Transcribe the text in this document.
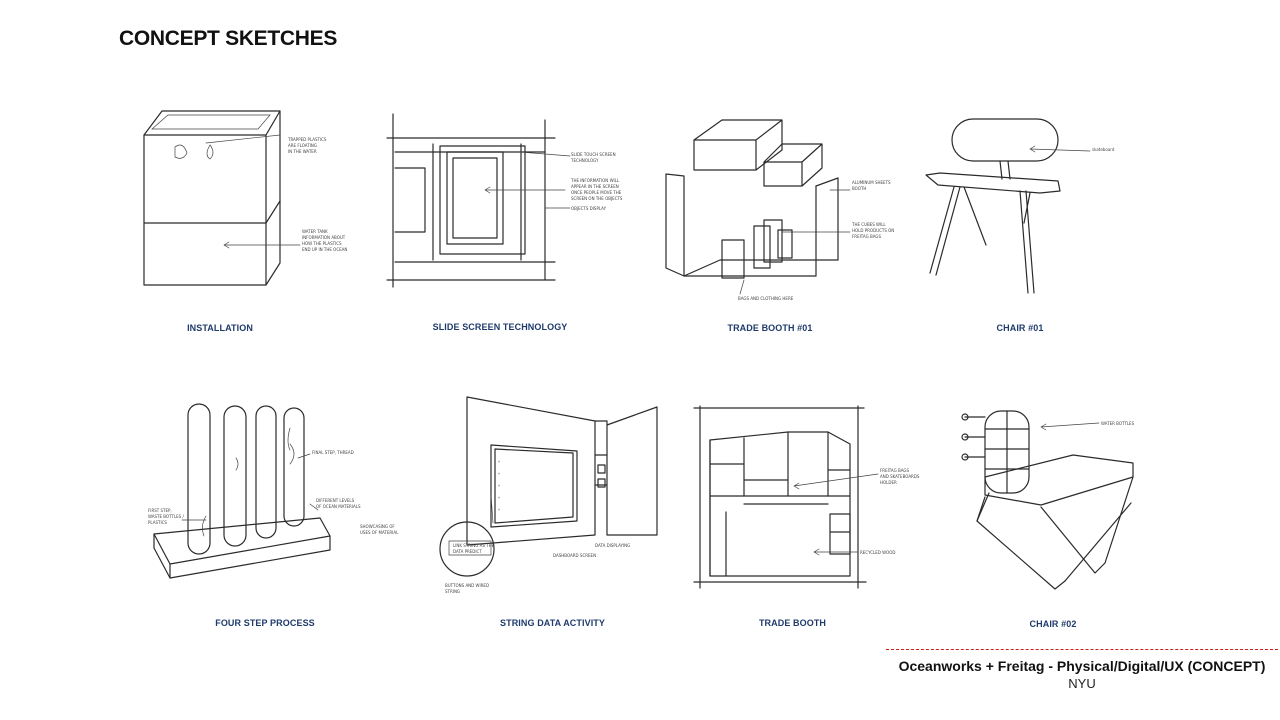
CONCEPT SKETCHES
TRAPPED PLASTICS
ARE FLOATING
IN THE WATER
WATER TANK
INFORMATION ABOUT
HOW THE PLASTICS
END UP IN THE OCEAN
INSTALLATION
SLIDE TOUCH SCREEN
TECHNOLOGY
THE INFORMATION WILL
APPEAR IN THE SCREEN
ONCE PEOPLE MOVE THE
SCREEN ON THE OBJECTS
OBJECTS DISPLAY
SLIDE SCREEN TECHNOLOGY
ALUMINUM SHEETS
BOOTH
THE CUBES WILL
HOLD PRODUCTS ON
FREITAG BAGS
BAGS AND CLOTHING HERE
TRADE BOOTH #01
skateboard
CHAIR #01
FINAL STEP, THREAD
DIFFERENT LEVELS
OF OCEAN MATERIALS
FIRST STEP,
WASTE BOTTLES /
PLASTICS
SHOWCASING OF
USES OF MATERIAL
FOUR STEP PROCESS
LINK STRING AS THE
DATA PREDICT
DASHBOARD SCREEN
DATA DISPLAYING
BUTTONS AND WIRED
STRING
STRING DATA ACTIVITY
FREITAG BAGS
AND SKATEBOARDS
HOLDER
RECYCLED WOOD
TRADE BOOTH
WATER BOTTLES
CHAIR #02
Oceanworks + Freitag - Physical/Digital/UX (CONCEPT)
NYU
